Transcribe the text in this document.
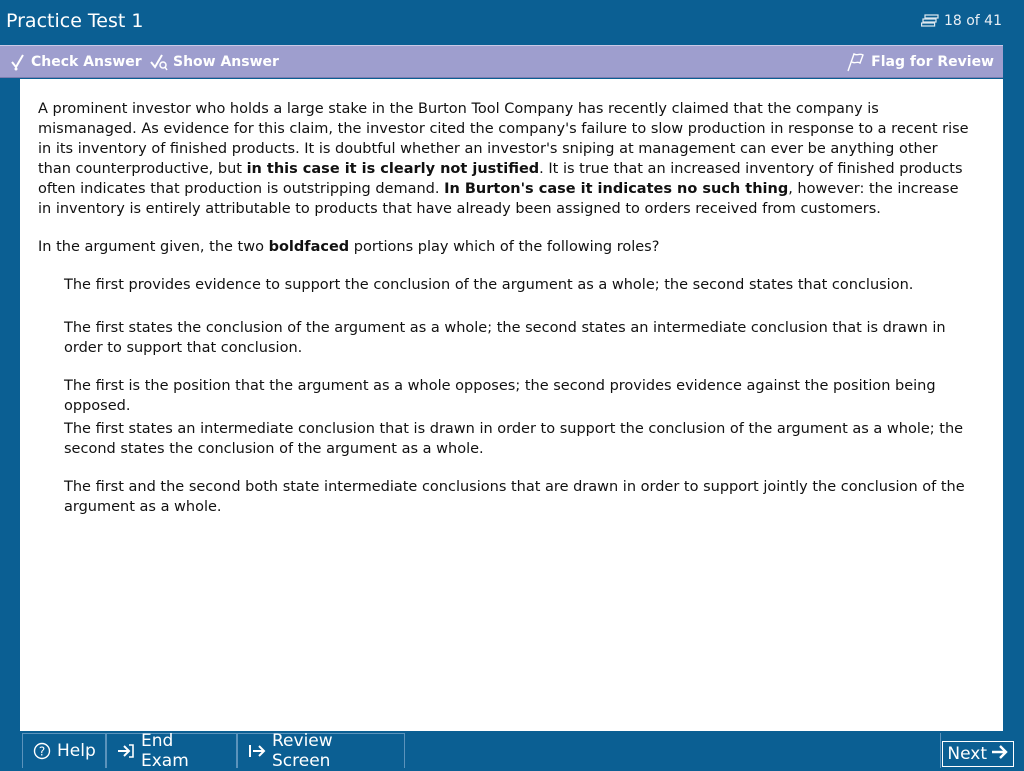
Practice Test 1	18 of 41
Check Answer Show Answer	Flag for Review
A prominent investor who holds a large stake in the Burton Tool Company has recently claimed that the company is mismanaged. As evidence for this claim, the investor cited the company's failure to slow production in response to a recent rise in its inventory of finished products. It is doubtful whether an investor's sniping at management can ever be anything other than counterproductive, but in this case it is clearly not justified. It is true that an increased inventory of finished products often indicates that production is outstripping demand. In Burton's case it indicates no such thing, however: the increase in inventory is entirely attributable to products that have already been assigned to orders received from customers.
In the argument given, the two boldfaced portions play which of the following roles?
The first provides evidence to support the conclusion of the argument as a whole; the second states that conclusion.
The first states the conclusion of the argument as a whole; the second states an intermediate conclusion that is drawn in order to support that conclusion.
The first is the position that the argument as a whole opposes; the second provides evidence against the position being opposed.
The first states an intermediate conclusion that is drawn in order to support the conclusion of the argument as a whole; the second states the conclusion of the argument as a whole.
The first and the second both state intermediate conclusions that are drawn in order to support jointly the conclusion of the argument as a whole.
? Help	End Exam
Review Screen	Next
